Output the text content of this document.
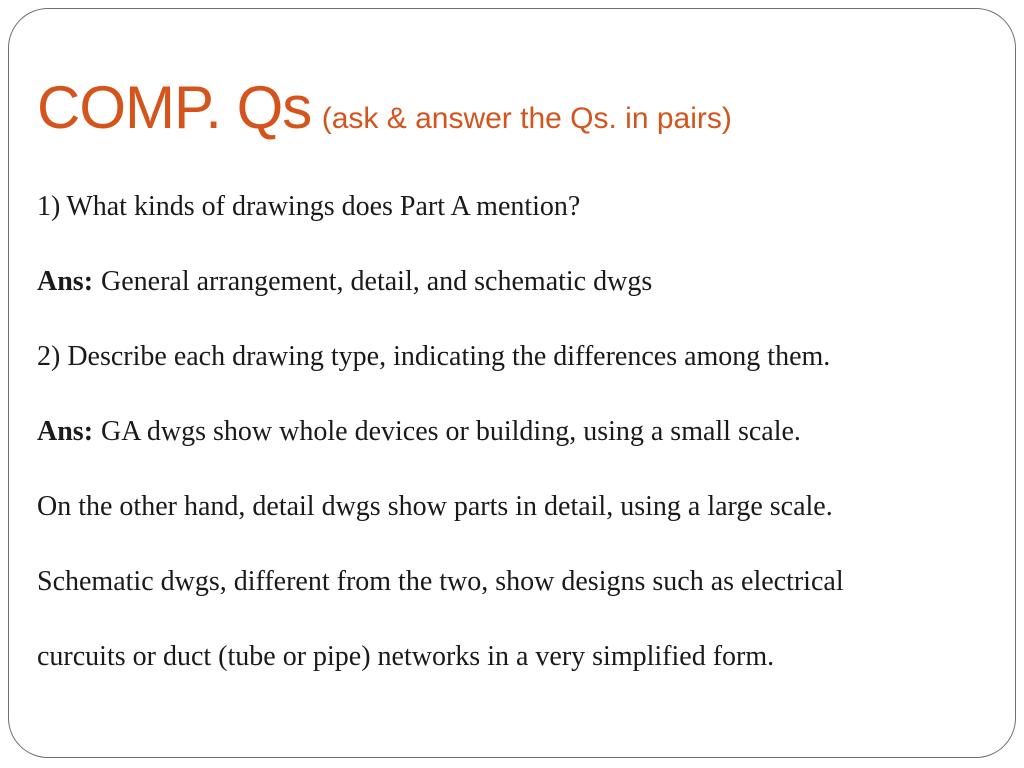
COMP. Qs (ask & answer the Qs. in pairs)
1) What kinds of drawings does Part A mention?
Ans: General arrangement, detail, and schematic dwgs
2) Describe each drawing type, indicating the differences among them.
Ans: GA dwgs show whole devices or building, using a small scale.
On the other hand, detail dwgs show parts in detail, using a large scale.
Schematic dwgs, different from the two, show designs such as electrical
curcuits or duct (tube or pipe) networks in a very simplified form.
